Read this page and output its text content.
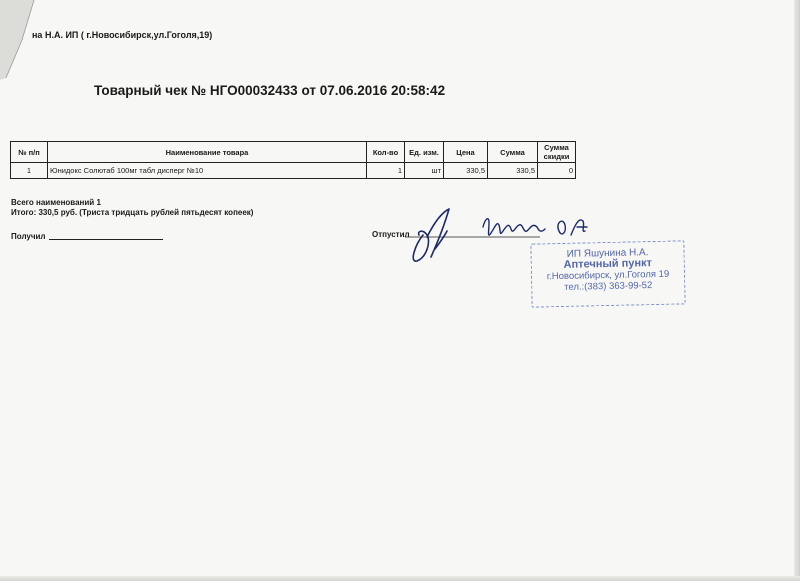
на Н.А. ИП ( г.Новосибирск,ул.Гоголя,19)
Товарный чек № НГО00032433 от 07.06.2016 20:58:42
№ п/п	Наименование товара	Кол-во	Ед. изм.	Цена	Сумма	Сумма
скидки
1	Юнидокс Солютаб 100мг табл дисперг №10	1	шт	330,5	330,5	0
Всего наименований 1
Итого: 330,5 руб. (Триста тридцать рублей пятьдесят копеек)
Получил	Отпустил
ИП Яшунина Н.А.
Аптечный пункт
г.Новосибирск, ул.Гоголя 19
тел.:(383) 363-99-52
